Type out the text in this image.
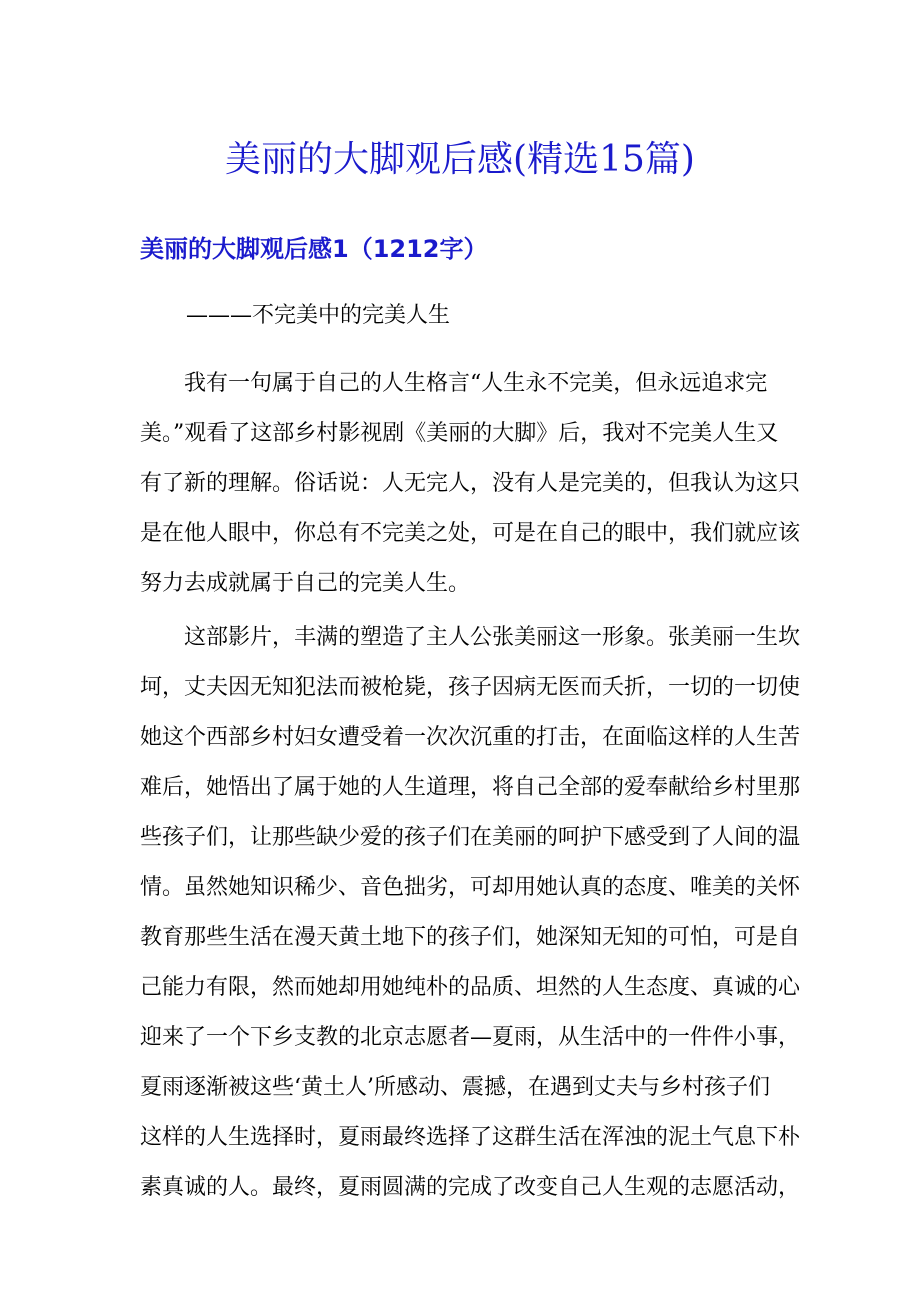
美丽的大脚观后感(精选15篇)
美丽的大脚观后感1（1212字）

———不完美中的完美人生

　　我有一句属于自己的人生格言“人生永不完美，但永远追求完
美。”观看了这部乡村影视剧《美丽的大脚》后，我对不完美人生又
有了新的理解。俗话说：人无完人，没有人是完美的，但我认为这只
是在他人眼中，你总有不完美之处，可是在自己的眼中，我们就应该
努力去成就属于自己的完美人生。
　　这部影片，丰满的塑造了主人公张美丽这一形象。张美丽一生坎
坷，丈夫因无知犯法而被枪毙，孩子因病无医而夭折，一切的一切使
她这个西部乡村妇女遭受着一次次沉重的打击，在面临这样的人生苦
难后，她悟出了属于她的人生道理，将自己全部的爱奉献给乡村里那
些孩子们，让那些缺少爱的孩子们在美丽的呵护下感受到了人间的温
情。虽然她知识稀少、音色拙劣，可却用她认真的态度、唯美的关怀
教育那些生活在漫天黄土地下的孩子们，她深知无知的可怕，可是自
己能力有限，然而她却用她纯朴的品质、坦然的人生态度、真诚的心
迎来了一个下乡支教的北京志愿者—夏雨，从生活中的一件件小事，
夏雨逐渐被这些‘黄土人’所感动、震撼，在遇到丈夫与乡村孩子们
这样的人生选择时，夏雨最终选择了这群生活在浑浊的泥土气息下朴
素真诚的人。最终，夏雨圆满的完成了改变自己人生观的志愿活动，
